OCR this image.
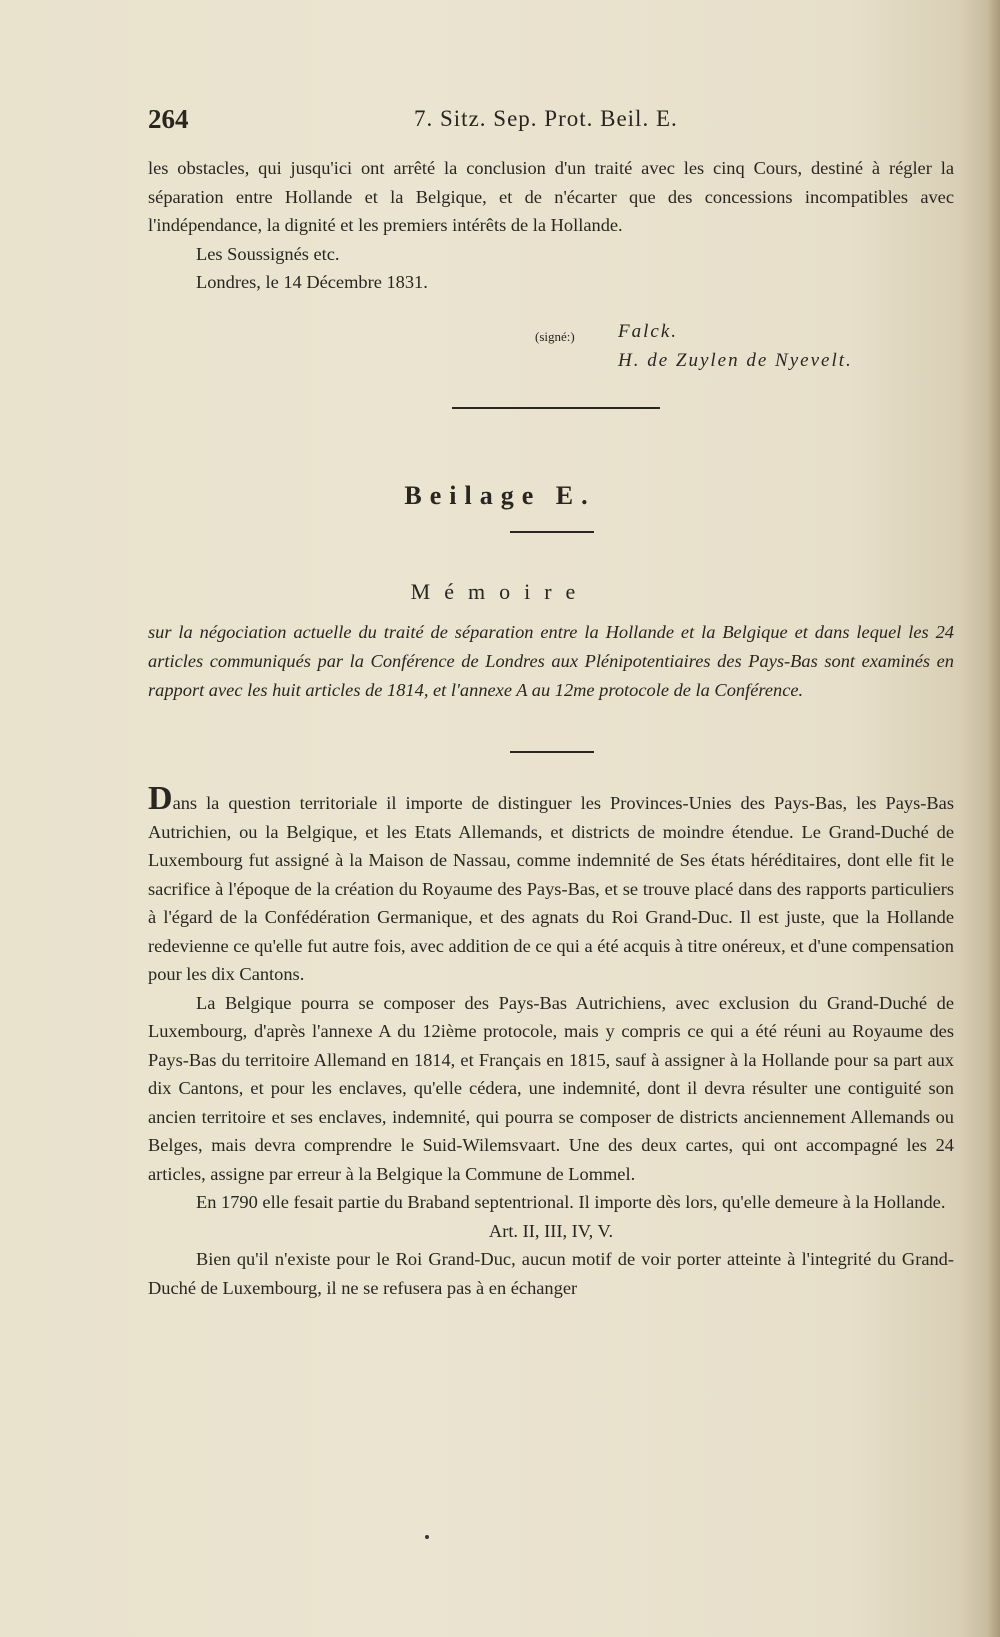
264	7. Sitz. Sep. Prot. Beil. E.
les obstacles, qui jusqu'ici ont arrêté la conclusion d'un traité avec les cinq Cours, destiné à régler la séparation entre Hollande et la Belgique, et de n'écarter que des concessions incompatibles avec l'indépendance, la dignité et les premiers intérêts de la Hollande.
Les Soussignés etc.
Londres, le 14 Décembre 1831.
(signé:) Falck.
H. de Zuylen de Nyevelt.
Beilage E.
Mémoire
sur la négociation actuelle du traité de séparation entre la Hollande et la Belgique et dans lequel les 24 articles communiqués par la Conférence de Londres aux Plénipotentiaires des Pays-Bas sont examinés en rapport avec les huit articles de 1814, et l'annexe A au 12me protocole de la Conférence.

Dans la question territoriale il importe de distinguer les Provinces-Unies des Pays-Bas, les Pays-Bas Autrichien, ou la Belgique, et les Etats Allemands, et districts de moindre étendue. Le Grand-Duché de Luxembourg fut assigné à la Maison de Nassau, comme indemnité de Ses états héréditaires, dont elle fit le sacrifice à l'époque de la création du Royaume des Pays-Bas, et se trouve placé dans des rapports particuliers à l'égard de la Confédération Germanique, et des agnats du Roi Grand-Duc. Il est juste, que la Hollande redevienne ce qu'elle fut autre fois, avec addition de ce qui a été acquis à titre onéreux, et d'une compensation pour les dix Cantons.

La Belgique pourra se composer des Pays-Bas Autrichiens, avec exclusion du Grand-Duché de Luxembourg, d'après l'annexe A du 12ième protocole, mais y compris ce qui a été réuni au Royaume des Pays-Bas du territoire Allemand en 1814, et Français en 1815, sauf à assigner à la Hollande pour sa part aux dix Cantons, et pour les enclaves, qu'elle cédera, une indemnité, dont il devra résulter une contiguité son ancien territoire et ses enclaves, indemnité, qui pourra se composer de districts anciennement Allemands ou Belges, mais devra comprendre le Suid-Wilemsvaart. Une des deux cartes, qui ont accompagné les 24 articles, assigne par erreur à la Belgique la Commune de Lommel.

En 1790 elle fesait partie du Braband septentrional. Il importe dès lors, qu'elle demeure à la Hollande.

Art. II, III, IV, V.

Bien qu'il n'existe pour le Roi Grand-Duc, aucun motif de voir porter atteinte à l'integrité du Grand-Duché de Luxembourg, il ne se refusera pas à en échanger
